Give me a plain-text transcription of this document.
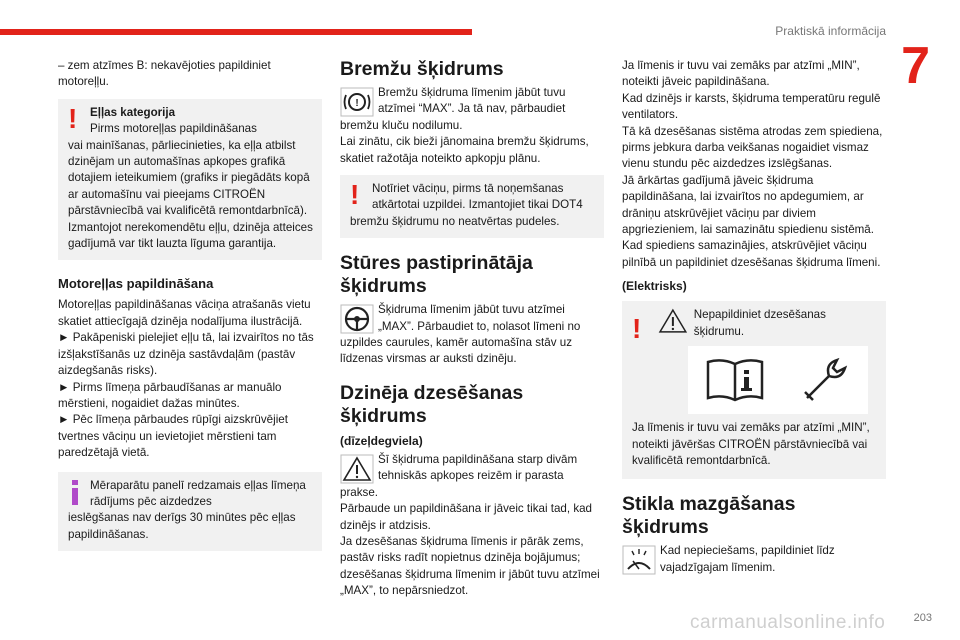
Praktiskā informācija
7

– zem atzīmes B: nekavējoties papildiniet motoreļļu.

! Eļļas kategorija

Pirms motoreļļas papildināšanas

vai mainīšanas, pārliecinieties, ka eļļa atbilst dzinējam un automašīnas apkopes grafikā dotajiem ieteikumiem (grafiks ir piegādāts kopā ar automašīnu vai pieejams CITROËN pārstāvniecībā vai kvalificētā remontdarbnīcā).

Izmantojot nerekomendētu eļļu, dzinēja atteices gadījumā var tikt lauzta līguma garantija.

Motoreļļas papildināšana

Motoreļļas papildināšanas vāciņa atrašanās vietu skatiet attiecīgajā dzinēja nodalījuma ilustrācijā.

► Pakāpeniski pielejiet eļļu tā, lai izvairītos no tās izšļakstīšanās uz dzinēja sastāvdaļām (pastāv aizdegšanās risks).

► Pirms līmeņa pārbaudīšanas ar manuālo mērstieni, nogaidiet dažas minūtes.

► Pēc līmeņa pārbaudes rūpīgi aizskrūvējiet tvertnes vāciņu un ievietojiet mērstieni tam paredzētajā vietā.

Mēraparātu panelī redzamais eļļas līmeņa rādījums pēc aizdedzes

ieslēgšanas nav derīgs 30 minūtes pēc eļļas papildināšanas.

Bremžu šķidrums
!

Bremžu šķidruma līmenim jābūt tuvu atzīmei “MAX”. Ja tā nav, pārbaudiet

bremžu kluču nodilumu.

Lai zinātu, cik bieži jānomaina bremžu šķidrums, skatiet ražotāja noteikto apkopju plānu.

! Notīriet vāciņu, pirms tā noņemšanas atkārtotai uzpildei. Izmantojiet tikai DOT4

bremžu šķidrumu no neatvērtas pudeles.

Stūres pastiprinātāja šķidrums

Šķidruma līmenim jābūt tuvu atzīmei „MAX”. Pārbaudiet to, nolasot līmeni no

uzpildes caurules, kamēr automašīna stāv uz līdzenas virsmas ar auksti dzinēju.

Dzinēja dzesēšanas šķidrums
(dīzeļdegviela)

Šī šķidruma papildināšana starp divām tehniskās apkopes reizēm ir parasta

prakse.

Pārbaude un papildināšana ir jāveic tikai tad, kad dzinējs ir atdzisis.

Ja dzesēšanas šķidruma līmenis ir pārāk zems, pastāv risks radīt nopietnus dzinēja bojājumus; dzesēšanas šķidruma līmenim ir jābūt tuvu atzīmei „MAX”, to nepārsniedzot.

Ja līmenis ir tuvu vai zemāks par atzīmi „MIN”, noteikti jāveic papildināšana.

Kad dzinējs ir karsts, šķidruma temperatūru regulē ventilators.

Tā kā dzesēšanas sistēma atrodas zem spiediena, pirms jebkura darba veikšanas nogaidiet vismaz vienu stundu pēc aizdedzes izslēgšanas.

Jā ārkārtas gadījumā jāveic šķidruma papildināšana, lai izvairītos no apdegumiem, ar drāniņu atskrūvējiet vāciņu par diviem apgriezieniem, lai samazinātu spiedienu sistēmā. Kad spiediens samazinājies, atskrūvējiet vāciņu pilnībā un papildiniet dzesēšanas šķidruma līmeni.

(Elektrisks)
!	Nepapildiniet dzesēšanas šķidrumu.

Ja līmenis ir tuvu vai zemāks par atzīmi „MIN”, noteikti jāvēršas CITROËN pārstāvniecībā vai kvalificētā remontdarbnīcā.

Stikla mazgāšanas šķidrums

Kad nepieciešams, papildiniet līdz vajadzīgajam līmenim.

carmanualsonline.info	203
